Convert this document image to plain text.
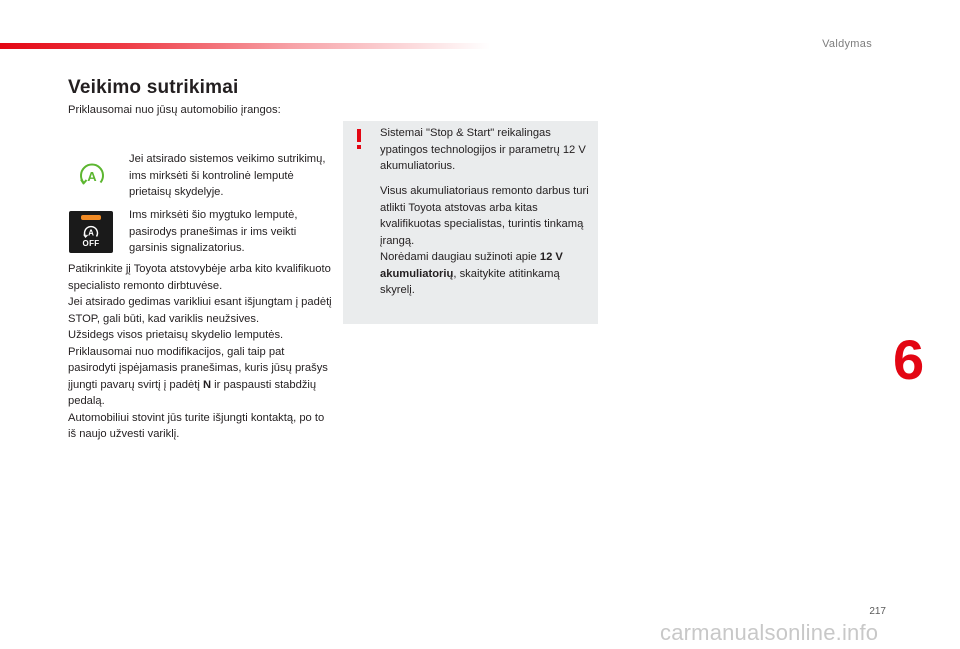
Valdymas
Veikimo sutrikimai
Priklausomai nuo jūsų automobilio įrangos:
A

Jei atsirado sistemos veikimo sutrikimų, ims mirksėti ši kontrolinė lemputė prietaisų skydelyje.

A
OFF

Ims mirksėti šio mygtuko lemputė, pasirodys pranešimas ir ims veikti garsinis signalizatorius.

Patikrinkite jį Toyota atstovybėje arba kito kvalifikuoto specialisto remonto dirbtuvėse.

Jei atsirado gedimas varikliui esant išjungtam į padėtį STOP, gali būti, kad variklis neužsives.

Užsidegs visos prietaisų skydelio lemputės.

Priklausomai nuo modifikacijos, gali taip pat pasirodyti įspėjamasis pranešimas, kuris jūsų prašys įjungti pavarų svirtį į padėtį N ir paspausti stabdžių pedalą.

Automobiliui stovint jūs turite išjungti kontaktą, po to iš naujo užvesti variklį.

Sistemai "Stop & Start" reikalingas ypatingos technologijos ir parametrų 12 V akumuliatorius.

Visus akumuliatoriaus remonto darbus turi atlikti Toyota atstovas arba kitas kvalifikuotas specialistas, turintis tinkamą įrangą.

Norėdami daugiau sužinoti apie 12 V akumuliatorių, skaitykite atitinkamą skyrelį.

6
217
carmanualsonline.info
